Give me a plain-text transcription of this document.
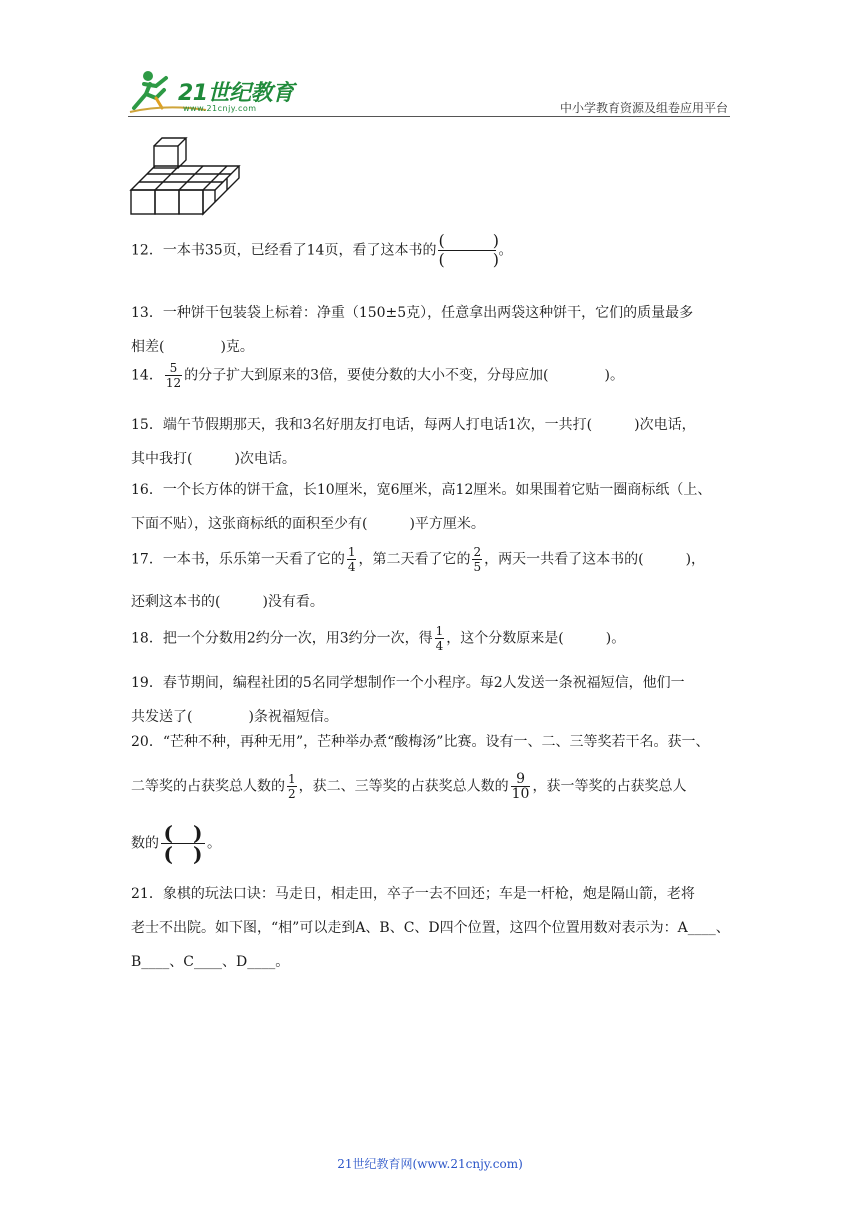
21世纪教育
www.21cnjy.com	中小学教育资源及组卷应用平台
12．一本书35页，已经看了14页，看了这本书的
(　　　)
(　　　) 。
13．一种饼干包装袋上标着：净重（150±5克），任意拿出两袋这种饼干，它们的质量最多
相差(　　　　)克。
14． $\frac{5}{12}$ 的分子扩大到原来的3倍，要使分数的大小不变，分母应加(　　　　)。
15．端午节假期那天，我和3名好朋友打电话，每两人打电话1次，一共打(　　　)次电话，
其中我打(　　　)次电话。
16．一个长方体的饼干盒，长10厘米，宽6厘米，高12厘米。如果围着它贴一圈商标纸（上、
下面不贴），这张商标纸的面积至少有(　　　)平方厘米。
17．一本书，乐乐第一天看了它的 $\frac{1}{4}$ ，第二天看了它的 $\frac{2}{5}$ ，两天一共看了这本书的(　　　)，
还剩这本书的(　　　)没有看。
18．把一个分数用2约分一次，用3约分一次，得 $\frac{1}{4}$ ，这个分数原来是(　　　)。
19．春节期间，编程社团的5名同学想制作一个小程序。每2人发送一条祝福短信，他们一
共发送了(　　　　)条祝福短信。
20．“芒种不种，再种无用”，芒种举办煮“酸梅汤”比赛。设有一、二、三等奖若干名。获一、
二等奖的占获奖总人数的 $\frac{1}{2}$ ，获二、三等奖的占获奖总人数的 $\frac{9}{10}$ ，获一等奖的占获奖总人
数的 (　)
(　) 。
21．象棋的玩法口诀：马走日，相走田，卒子一去不回还；车是一杆枪，炮是隔山箭，老将
老士不出院。如下图，“相”可以走到A、B、C、D四个位置，这四个位置用数对表示为：A____、
B____、C____、D____。
21世纪教育网(www.21cnjy.com)
